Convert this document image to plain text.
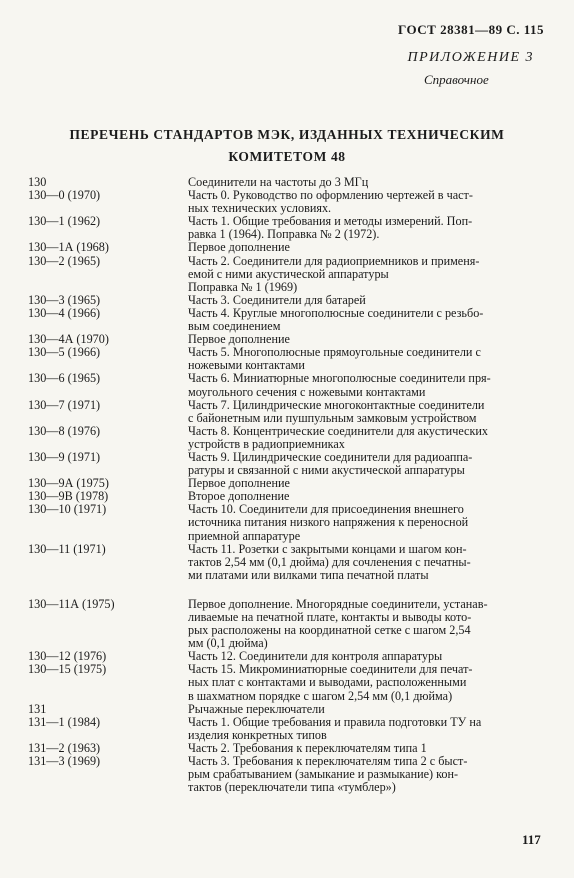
ГОСТ 28381—89 С. 115
ПРИЛОЖЕНИЕ 3
Справочное
ПЕРЕЧЕНЬ СТАНДАРТОВ МЭК, ИЗДАННЫХ ТЕХНИЧЕСКИМ
КОМИТЕТОМ 48
130	Соединители на частоты до 3 МГц
130—0 (1970)	Часть 0. Руководство по оформлению чертежей в част-
ных технических условиях.
130—1 (1962)	Часть 1. Общие требования и методы измерений. Поп-
равка 1 (1964). Поправка № 2 (1972).
130—1А (1968)	Первое дополнение
130—2 (1965)	Часть 2. Соединители для радиоприемников и применя-
емой с ними акустической аппаратуры
Поправка № 1 (1969)
130—3 (1965)	Часть 3. Соединители для батарей
130—4 (1966)	Часть 4. Круглые многополюсные соединители с резьбо-
вым соединением
130—4А (1970)	Первое дополнение
130—5 (1966)	Часть 5. Многополюсные прямоугольные соединители с
ножевыми контактами
130—6 (1965)	Часть 6. Миниатюрные многополюсные соединители пря-
моугольного сечения с ножевыми контактами
130—7 (1971)	Часть 7. Цилиндрические многоконтактные соединители
с байонетным или пушпульным замковым устройством
130—8 (1976)	Часть 8. Концентрические соединители для акустических
устройств в радиоприемниках
130—9 (1971)	Часть 9. Цилиндрические соединители для радиоаппа-
ратуры и связанной с ними акустической аппаратуры
130—9А (1975)	Первое дополнение
130—9В (1978)	Второе дополнение
130—10 (1971)	Часть 10. Соединители для присоединения внешнего
источника питания низкого напряжения к переносной
приемной аппаратуре
130—11 (1971)	Часть 11. Розетки с закрытыми концами и шагом кон-
тактов 2,54 мм (0,1 дюйма) для сочленения с печатны-
ми платами или вилками типа печатной платы
130—11А (1975)	Первое дополнение. Многорядные соединители, устанав-
ливаемые на печатной плате, контакты и выводы кото-
рых расположены на координатной сетке с шагом 2,54
мм (0,1 дюйма)
130—12 (1976)	Часть 12. Соединители для контроля аппаратуры
130—15 (1975)	Часть 15. Микроминиатюрные соединители для печат-
ных плат с контактами и выводами, расположенными
в шахматном порядке с шагом 2,54 мм (0,1 дюйма)
131	Рычажные переключатели
131—1 (1984)	Часть 1. Общие требования и правила подготовки ТУ на
изделия конкретных типов
131—2 (1963)	Часть 2. Требования к переключателям типа 1
131—3 (1969)	Часть 3. Требования к переключателям типа 2 с быст-
рым срабатыванием (замыкание и размыкание) кон-
тактов (переключатели типа «тумблер»)
117
